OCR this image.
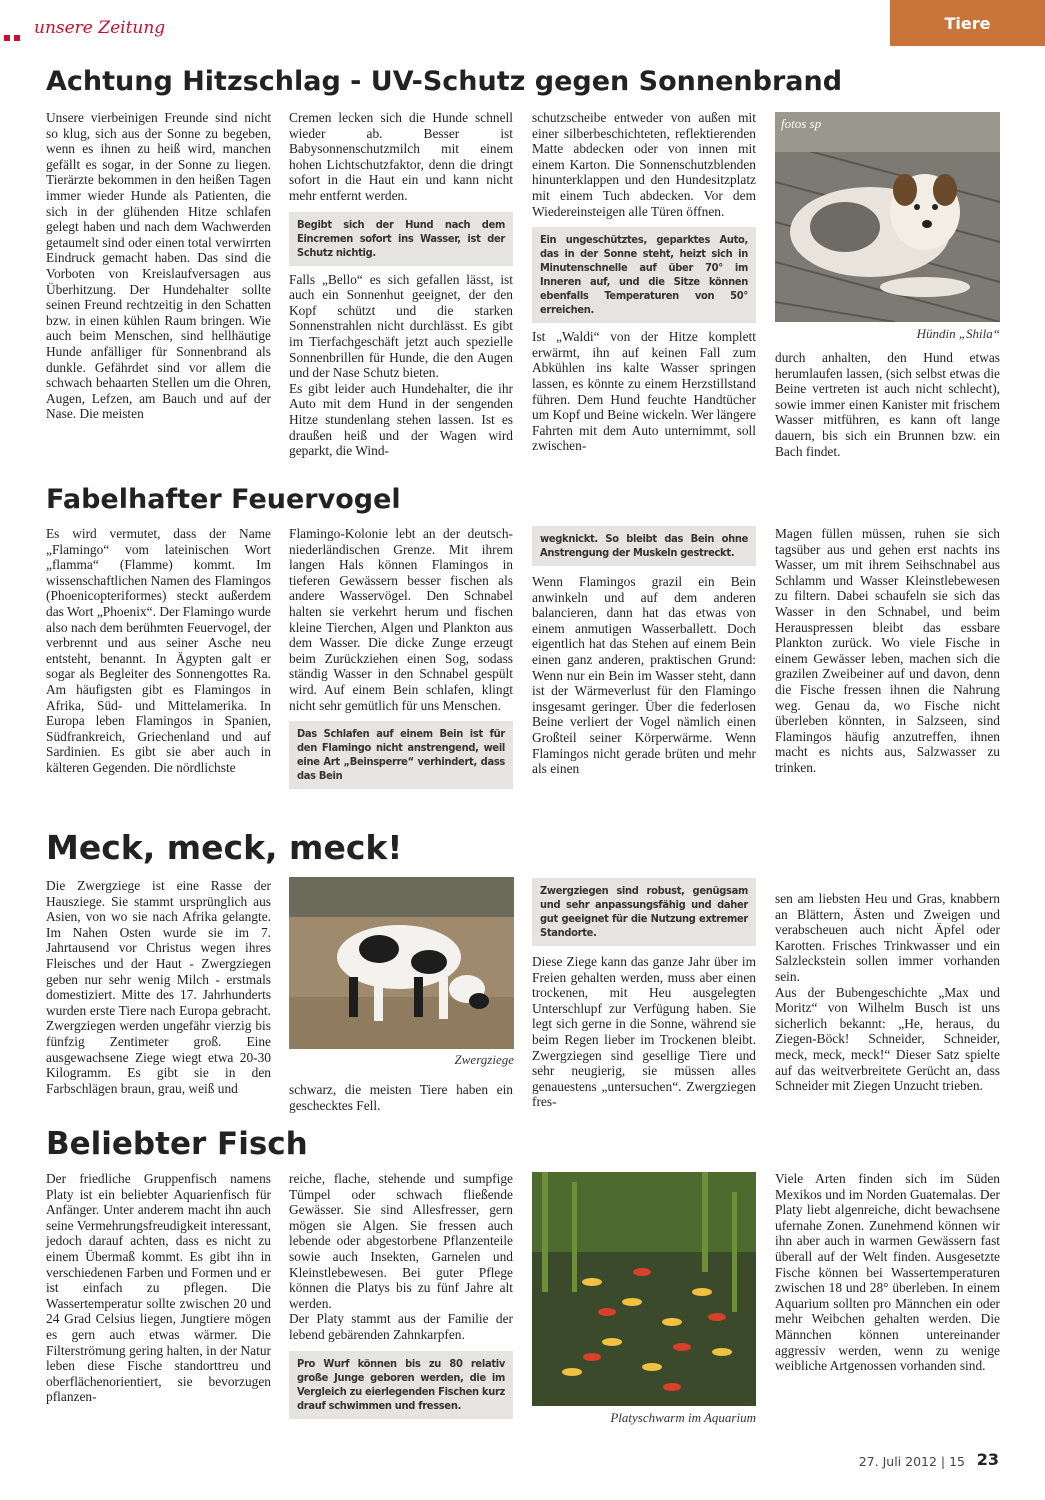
unsere Zeitung	Tiere
Achtung Hitzschlag - UV-Schutz gegen Sonnenbrand

Unsere vierbeinigen Freunde sind nicht so klug, sich aus der Sonne zu begeben, wenn es ihnen zu heiß wird, manchen gefällt es sogar, in der Sonne zu liegen. Tierärzte bekommen in den heißen Tagen immer wieder Hunde als Patienten, die sich in der glühenden Hitze schlafen gelegt haben und nach dem Wachwerden getaumelt sind oder einen total verwirrten Eindruck gemacht haben. Das sind die Vorboten von Kreislaufversagen aus Überhitzung. Der Hundehalter sollte seinen Freund rechtzeitig in den Schatten bzw. in einen kühlen Raum bringen. Wie auch beim Menschen, sind hellhäutige Hunde anfälliger für Sonnenbrand als dunkle. Gefährdet sind vor allem die schwach behaarten Stellen um die Ohren, Augen, Lefzen, am Bauch und auf der Nase. Die meisten

Cremen lecken sich die Hunde schnell wieder ab. Besser ist Babysonnenschutzmilch mit einem hohen Lichtschutzfaktor, denn die dringt sofort in die Haut ein und kann nicht mehr entfernt werden.

Begibt sich der Hund nach dem Eincremen sofort ins Wasser, ist der Schutz nichtig.

Falls „Bello“ es sich gefallen lässt, ist auch ein Sonnenhut geeignet, der den Kopf schützt und die starken Sonnenstrahlen nicht durchlässt. Es gibt im Tierfachgeschäft jetzt auch spezielle Sonnenbrillen für Hunde, die den Augen und der Nase Schutz bieten.
Es gibt leider auch Hundehalter, die ihr Auto mit dem Hund in der sengenden Hitze stundenlang stehen lassen. Ist es draußen heiß und der Wagen wird geparkt, die Wind-

schutzscheibe entweder von außen mit einer silberbeschichteten, reflektierenden Matte abdecken oder von innen mit einem Karton. Die Sonnenschutzblenden hinunterklappen und den Hundesitzplatz mit einem Tuch abdecken. Vor dem Wiedereinsteigen alle Türen öffnen.

Ein ungeschütztes, geparktes Auto, das in der Sonne steht, heizt sich in Minutenschnelle auf über 70° im Inneren auf, und die Sitze können ebenfalls Temperaturen von 50° erreichen.

Ist „Waldi“ von der Hitze komplett erwärmt, ihn auf keinen Fall zum Abkühlen ins kalte Wasser springen lassen, es könnte zu einem Herzstillstand führen. Dem Hund feuchte Handtücher um Kopf und Beine wickeln. Wer längere Fahrten mit dem Auto unternimmt, soll zwischen-

fotos sp
Hündin „Shila“

durch anhalten, den Hund etwas herumlaufen lassen, (sich selbst etwas die Beine vertreten ist auch nicht schlecht), sowie immer einen Kanister mit frischem Wasser mitführen, es kann oft lange dauern, bis sich ein Brunnen bzw. ein Bach findet.

Fabelhafter Feuervogel

Es wird vermutet, dass der Name „Flamingo“ vom lateinischen Wort „flamma“ (Flamme) kommt. Im wissenschaftlichen Namen des Flamingos (Phoenicopteriformes) steckt außerdem das Wort „Phoenix“. Der Flamingo wurde also nach dem berühmten Feuervogel, der verbrennt und aus seiner Asche neu entsteht, benannt. In Ägypten galt er sogar als Begleiter des Sonnengottes Ra. Am häufigsten gibt es Flamingos in Afrika, Süd- und Mittelamerika. In Europa leben Flamingos in Spanien, Südfrankreich, Griechenland und auf Sardinien. Es gibt sie aber auch in kälteren Gegenden. Die nördlichste

Flamingo-Kolonie lebt an der deutsch-niederländischen Grenze. Mit ihrem langen Hals können Flamingos in tieferen Gewässern besser fischen als andere Wasservögel. Den Schnabel halten sie verkehrt herum und fischen kleine Tierchen, Algen und Plankton aus dem Wasser. Die dicke Zunge erzeugt beim Zurückziehen einen Sog, sodass ständig Wasser in den Schnabel gespült wird. Auf einem Bein schlafen, klingt nicht sehr gemütlich für uns Menschen.

Das Schlafen auf einem Bein ist für den Flamingo nicht anstrengend, weil eine Art „Beinsperre“ verhindert, dass das Bein
wegknickt. So bleibt das Bein ohne Anstrengung der Muskeln gestreckt.

Wenn Flamingos grazil ein Bein anwinkeln und auf dem anderen balancieren, dann hat das etwas von einem anmutigen Wasserballett. Doch eigentlich hat das Stehen auf einem Bein einen ganz anderen, praktischen Grund: Wenn nur ein Bein im Wasser steht, dann ist der Wärmeverlust für den Flamingo insgesamt geringer. Über die federlosen Beine verliert der Vogel nämlich einen Großteil seiner Körperwärme. Wenn Flamingos nicht gerade brüten und mehr als einen

Magen füllen müssen, ruhen sie sich tagsüber aus und gehen erst nachts ins Wasser, um mit ihrem Seihschnabel aus Schlamm und Wasser Kleinstlebewesen zu filtern. Dabei schaufeln sie sich das Wasser in den Schnabel, und beim Herauspressen bleibt das essbare Plankton zurück. Wo viele Fische in einem Gewässer leben, machen sich die grazilen Zweibeiner auf und davon, denn die Fische fressen ihnen die Nahrung weg. Genau da, wo Fische nicht überleben könnten, in Salzseen, sind Flamingos häufig anzutreffen, ihnen macht es nichts aus, Salzwasser zu trinken.

Meck, meck, meck!

Die Zwergziege ist eine Rasse der Hausziege. Sie stammt ursprünglich aus Asien, von wo sie nach Afrika gelangte. Im Nahen Osten wurde sie im 7. Jahrtausend vor Christus wegen ihres Fleisches und der Haut - Zwergziegen geben nur sehr wenig Milch - erstmals domestiziert. Mitte des 17. Jahrhunderts wurden erste Tiere nach Europa gebracht. Zwergziegen werden ungefähr vierzig bis fünfzig Zentimeter groß. Eine ausgewachsene Ziege wiegt etwa 20-30 Kilogramm. Es gibt sie in den Farbschlägen braun, grau, weiß und

Zwergziege

schwarz, die meisten Tiere haben ein geschecktes Fell.

Zwergziegen sind robust, genügsam und sehr anpassungsfähig und daher gut geeignet für die Nutzung extremer Standorte.

Diese Ziege kann das ganze Jahr über im Freien gehalten werden, muss aber einen trockenen, mit Heu ausgelegten Unterschlupf zur Verfügung haben. Sie legt sich gerne in die Sonne, während sie beim Regen lieber im Trockenen bleibt. Zwergziegen sind gesellige Tiere und sehr neugierig, sie müssen alles genauestens „untersuchen“. Zwergziegen fres-

sen am liebsten Heu und Gras, knabbern an Blättern, Ästen und Zweigen und verabscheuen auch nicht Äpfel oder Karotten. Frisches Trinkwasser und ein Salzleckstein sollen immer vorhanden sein.
Aus der Bubengeschichte „Max und Moritz“ von Wilhelm Busch ist uns sicherlich bekannt: „He, heraus, du Ziegen-Böck! Schneider, Schneider, meck, meck, meck!“ Dieser Satz spielte auf das weitverbreitete Gerücht an, dass Schneider mit Ziegen Unzucht trieben.

Beliebter Fisch

Der friedliche Gruppenfisch namens Platy ist ein beliebter Aquarienfisch für Anfänger. Unter anderem macht ihn auch seine Vermehrungsfreudigkeit interessant, jedoch darauf achten, dass es nicht zu einem Übermaß kommt. Es gibt ihn in verschiedenen Farben und Formen und er ist einfach zu pflegen. Die Wassertemperatur sollte zwischen 20 und 24 Grad Celsius liegen, Jungtiere mögen es gern auch etwas wärmer. Die Filterströmung gering halten, in der Natur leben diese Fische standorttreu und oberflächenorientiert, sie bevorzugen pflanzen-

reiche, flache, stehende und sumpfige Tümpel oder schwach fließende Gewässer. Sie sind Allesfresser, gern mögen sie Algen. Sie fressen auch lebende oder abgestorbene Pflanzenteile sowie auch Insekten, Garnelen und Kleinstlebewesen. Bei guter Pflege können die Platys bis zu fünf Jahre alt werden.
Der Platy stammt aus der Familie der lebend gebärenden Zahnkarpfen.

Pro Wurf können bis zu 80 relativ große Junge geboren werden, die im Vergleich zu eierlegenden Fischen kurz drauf schwimmen und fressen.
Platyschwarm im Aquarium

Viele Arten finden sich im Süden Mexikos und im Norden Guatemalas. Der Platy liebt algenreiche, dicht bewachsene ufernahe Zonen. Zunehmend können wir ihn aber auch in warmen Gewässern fast überall auf der Welt finden. Ausgesetzte Fische können bei Wassertemperaturen zwischen 18 und 28° überleben. In einem Aquarium sollten pro Männchen ein oder mehr Weibchen gehalten werden. Die Männchen können untereinander aggressiv werden, wenn zu wenige weibliche Artgenossen vorhanden sind.

27. Juli 2012 | 15 23
